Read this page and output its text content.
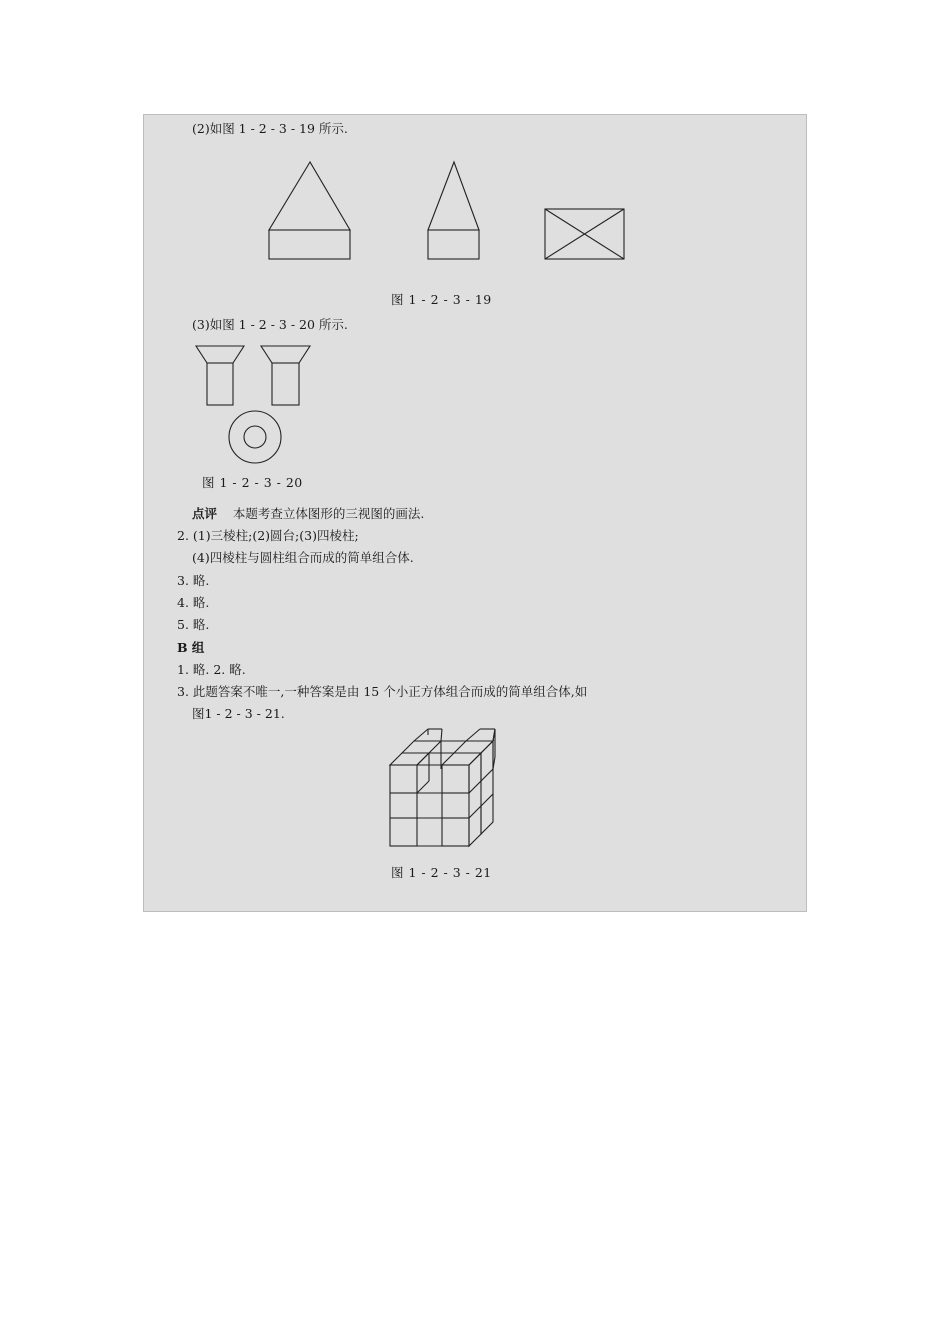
(2)如图 1 - 2 - 3 - 19 所示.
图 1 - 2 - 3 - 19
(3)如图 1 - 2 - 3 - 20 所示.
图 1 - 2 - 3 - 20
点评 本题考查立体图形的三视图的画法.
2. (1)三棱柱;(2)圆台;(3)四棱柱;
(4)四棱柱与圆柱组合而成的简单组合体.
3. 略.
4. 略.
5. 略.
B 组
1. 略. 2. 略.
3. 此题答案不唯一,一种答案是由 15 个小正方体组合而成的简单组合体,如
图1 - 2 - 3 - 21.
图 1 - 2 - 3 - 21
